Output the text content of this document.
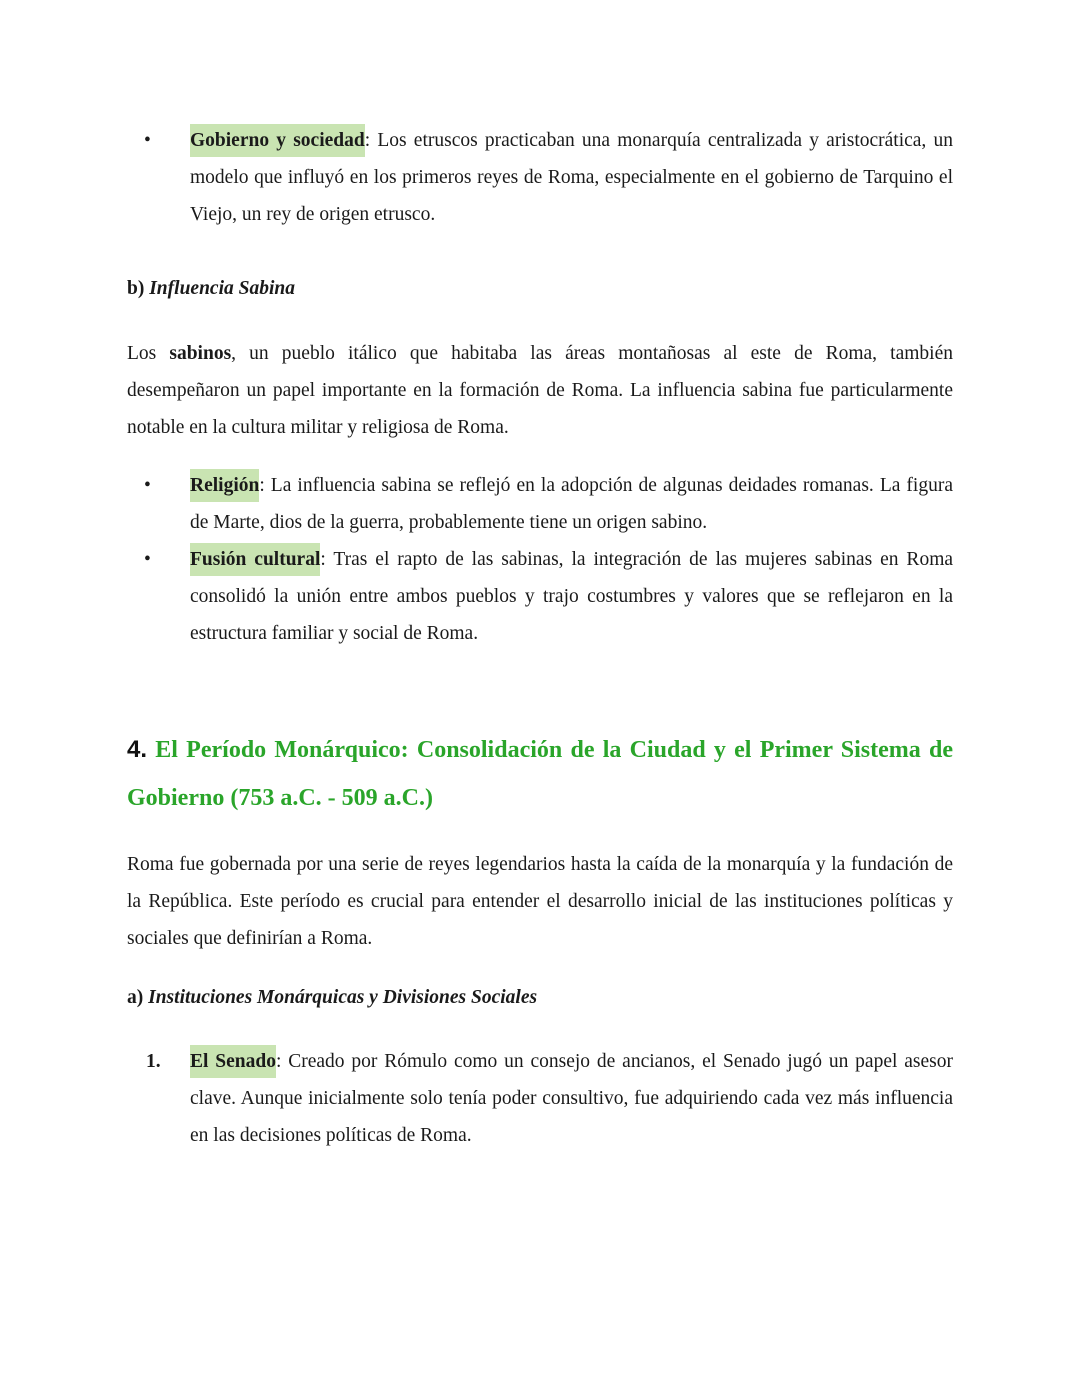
• Gobierno y sociedad: Los etruscos practicaban una monarquía centralizada y aristocrática, un modelo que influyó en los primeros reyes de Roma, especialmente en el gobierno de Tarquino el Viejo, un rey de origen etrusco.
b) Influencia Sabina
Los sabinos, un pueblo itálico que habitaba las áreas montañosas al este de Roma, también desempeñaron un papel importante en la formación de Roma. La influencia sabina fue particularmente notable en la cultura militar y religiosa de Roma.
• Religión: La influencia sabina se reflejó en la adopción de algunas deidades romanas. La figura de Marte, dios de la guerra, probablemente tiene un origen sabino.
• Fusión cultural: Tras el rapto de las sabinas, la integración de las mujeres sabinas en Roma consolidó la unión entre ambos pueblos y trajo costumbres y valores que se reflejaron en la estructura familiar y social de Roma.
4. El Período Monárquico: Consolidación de la Ciudad y el Primer Sistema de Gobierno (753 a.C. - 509 a.C.)
Roma fue gobernada por una serie de reyes legendarios hasta la caída de la monarquía y la fundación de la República. Este período es crucial para entender el desarrollo inicial de las instituciones políticas y sociales que definirían a Roma.
a) Instituciones Monárquicas y Divisiones Sociales
1. El Senado: Creado por Rómulo como un consejo de ancianos, el Senado jugó un papel asesor clave. Aunque inicialmente solo tenía poder consultivo, fue adquiriendo cada vez más influencia en las decisiones políticas de Roma.
